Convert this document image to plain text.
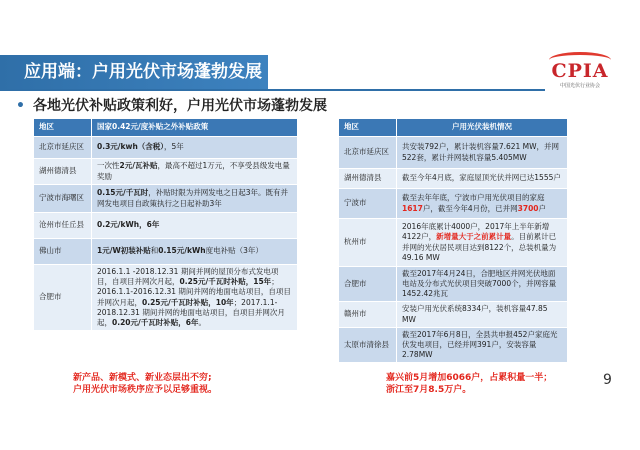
应用端：户用光伏市场蓬勃发展	CPIA
中国光伏行业协会
• 各地光伏补贴政策利好，户用光伏市场蓬勃发展
地区	国家0.42元/度补贴之外补贴政策
北京市延庆区	0.3元/kwh（含税），5年
湖州德清县	一次性2元/瓦补贴，最高不超过1万元，不享受县级发电量奖励
宁波市海曙区	0.15元/千瓦时，补贴时限为并网发电之日起3年。既有并网发电项目自政策执行之日起补助3年
沧州市任丘县	0.2元/kWh，6年
佛山市	1元/W初装补贴和0.15元/kWh度电补贴（3年）
合肥市	2016.1.1 -2018.12.31 期间并网的屋顶分布式发电项目，自项目并网次月起，0.25元/千瓦时补贴，15年；2016.1.1-2016.12.31 期间并网的地面电站项目，自项目并网次月起，0.25元/千瓦时补贴，10年；2017.1.1-2018.12.31 期间并网的地面电站项目，自项目并网次月起，0.20元/千瓦时补贴，6年。
地区	户用光伏装机情况
北京市延庆区	共安装792户，累计装机容量7.621 MW，并网522套，累计并网装机容量5.405MW
湖州德清县	截至今年4月底，家庭屋顶光伏并网已达1555户
宁波市	截至去年年底，宁波市户用光伏项目的家庭1617户，截至今年4月份，已并网3700户
杭州市	2016年底累计4000户，2017年上半年新增4122户，新增量大于之前累计量。目前累计已并网的光伏居民项目达到8122个，总装机量为49.16 MW
合肥市	截至2017年4月24日，合肥地区并网光伏地面电站及分布式光伏项目突破7000个，并网容量1452.42兆瓦
赣州市	安装户用光伏系统8334户，装机容量47.85 MW
太原市清徐县	截至2017年6月8日，全县共申报452户家庭光伏发电项目，已经并网391户，安装容量2.78MW
新产品、新模式、新业态层出不穷;
户用光伏市场秩序应予以足够重视。
嘉兴前5月增加6066户，占累积量一半；
浙江至7月8.5万户。
9
